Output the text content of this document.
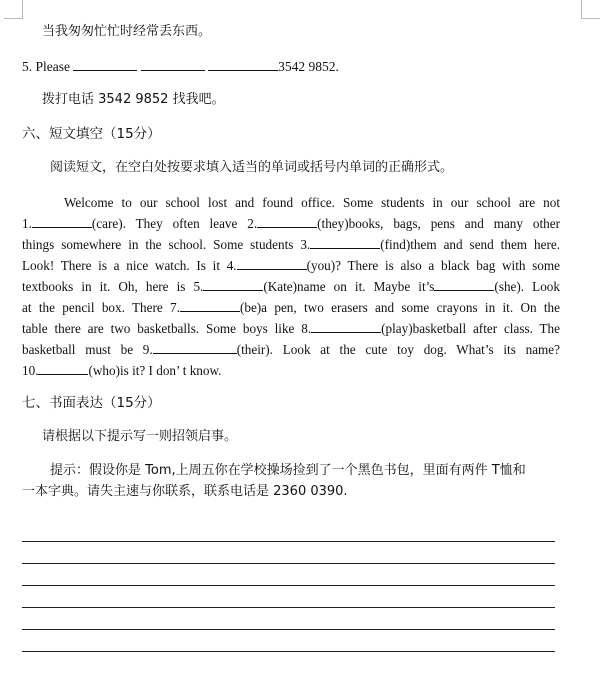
当我匆匆忙忙时经常丢东西。
5. Please	3542 9852.
拨打电话 3542 9852 找我吧。
六、短文填空（15分）
阅读短文，在空白处按要求填入适当的单词或括号内单词的正确形式。
Welcome to our school lost and found office. Some students in our school are not
1.	(care). They often leave 2.	(they)books, bags, pens and many other
things somewhere in the school. Some students 3.	(find)them and send them here.
Look! There is a nice watch. Is it 4.	(you)? There is also a black bag with some
textbooks in it. Oh, here is 5.	(Kate)name on it. Maybe it’s	(she). Look
at the pencil box. There 7.	(be)a pen, two erasers and some crayons in it. On the
table there are two basketballs. Some boys like 8.	(play)basketball after class. The
basketball must be 9.	(their). Look at the cute toy dog. What’s its name?
10.	(who)is it? I don’ t know.
七、书面表达（15分）
请根据以下提示写一则招领启事。
提示：假设你是 Tom,上周五你在学校操场捡到了一个黑色书包，里面有两件 T恤和
一本字典。请失主速与你联系，联系电话是 2360 0390.
